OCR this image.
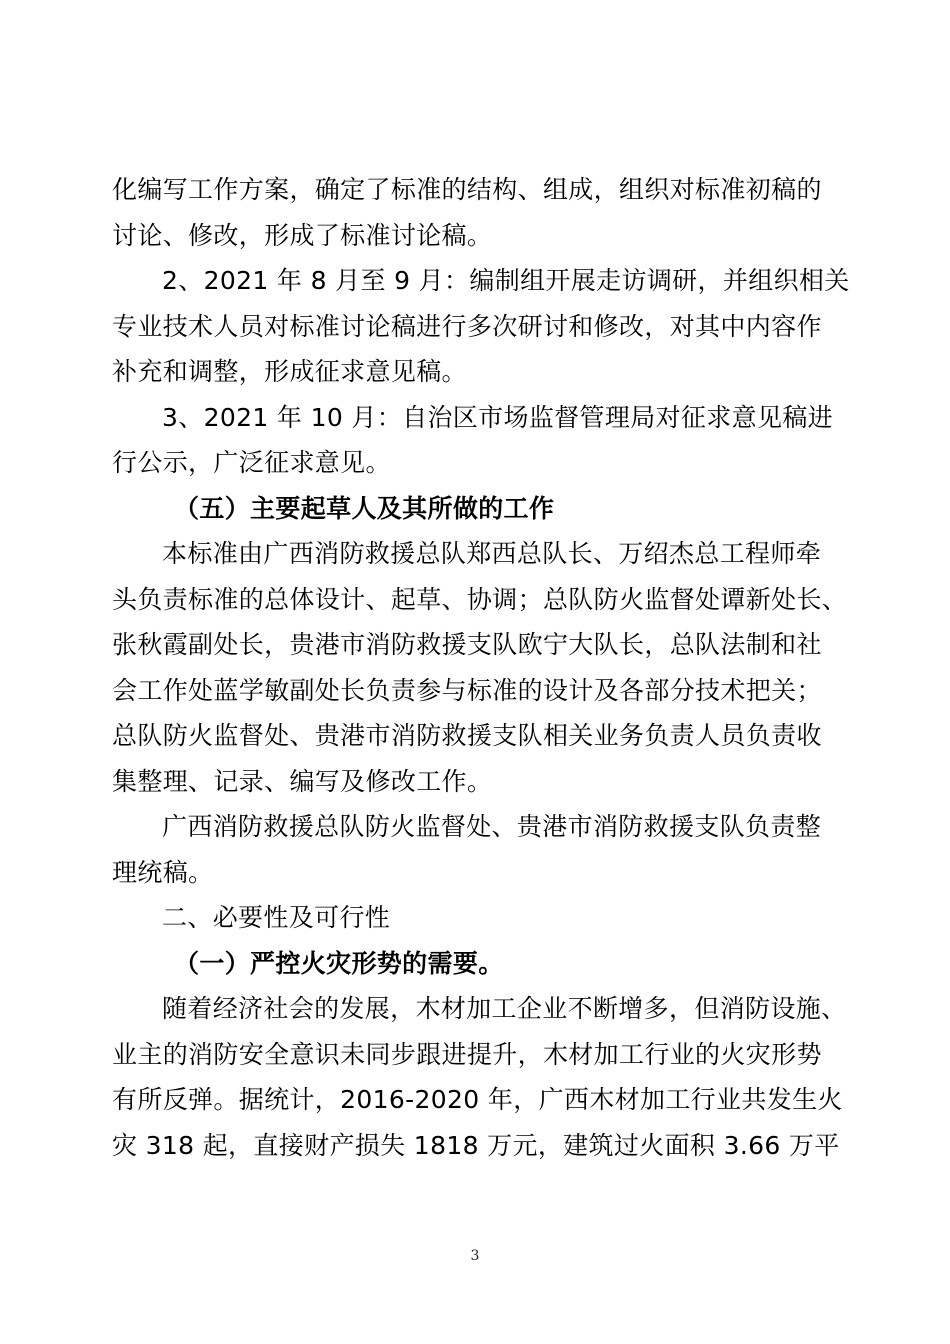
化编写工作方案，确定了标准的结构、组成，组织对标准初稿的
讨论、修改，形成了标准讨论稿。
2、2021 年 8 月至 9 月：编制组开展走访调研，并组织相关
专业技术人员对标准讨论稿进行多次研讨和修改，对其中内容作
补充和调整，形成征求意见稿。
3、2021 年 10 月：自治区市场监督管理局对征求意见稿进
行公示，广泛征求意见。
（五）主要起草人及其所做的工作
本标准由广西消防救援总队郑西总队长、万绍杰总工程师牵
头负责标准的总体设计、起草、协调；总队防火监督处谭新处长、
张秋霞副处长，贵港市消防救援支队欧宁大队长，总队法制和社
会工作处蓝学敏副处长负责参与标准的设计及各部分技术把关；
总队防火监督处、贵港市消防救援支队相关业务负责人员负责收
集整理、记录、编写及修改工作。
广西消防救援总队防火监督处、贵港市消防救援支队负责整
理统稿。
二、必要性及可行性
（一）严控火灾形势的需要。
随着经济社会的发展，木材加工企业不断增多，但消防设施、
业主的消防安全意识未同步跟进提升，木材加工行业的火灾形势
有所反弹。据统计，2016-2020 年，广西木材加工行业共发生火
灾 318 起，直接财产损失 1818 万元，建筑过火面积 3.66 万平
3
